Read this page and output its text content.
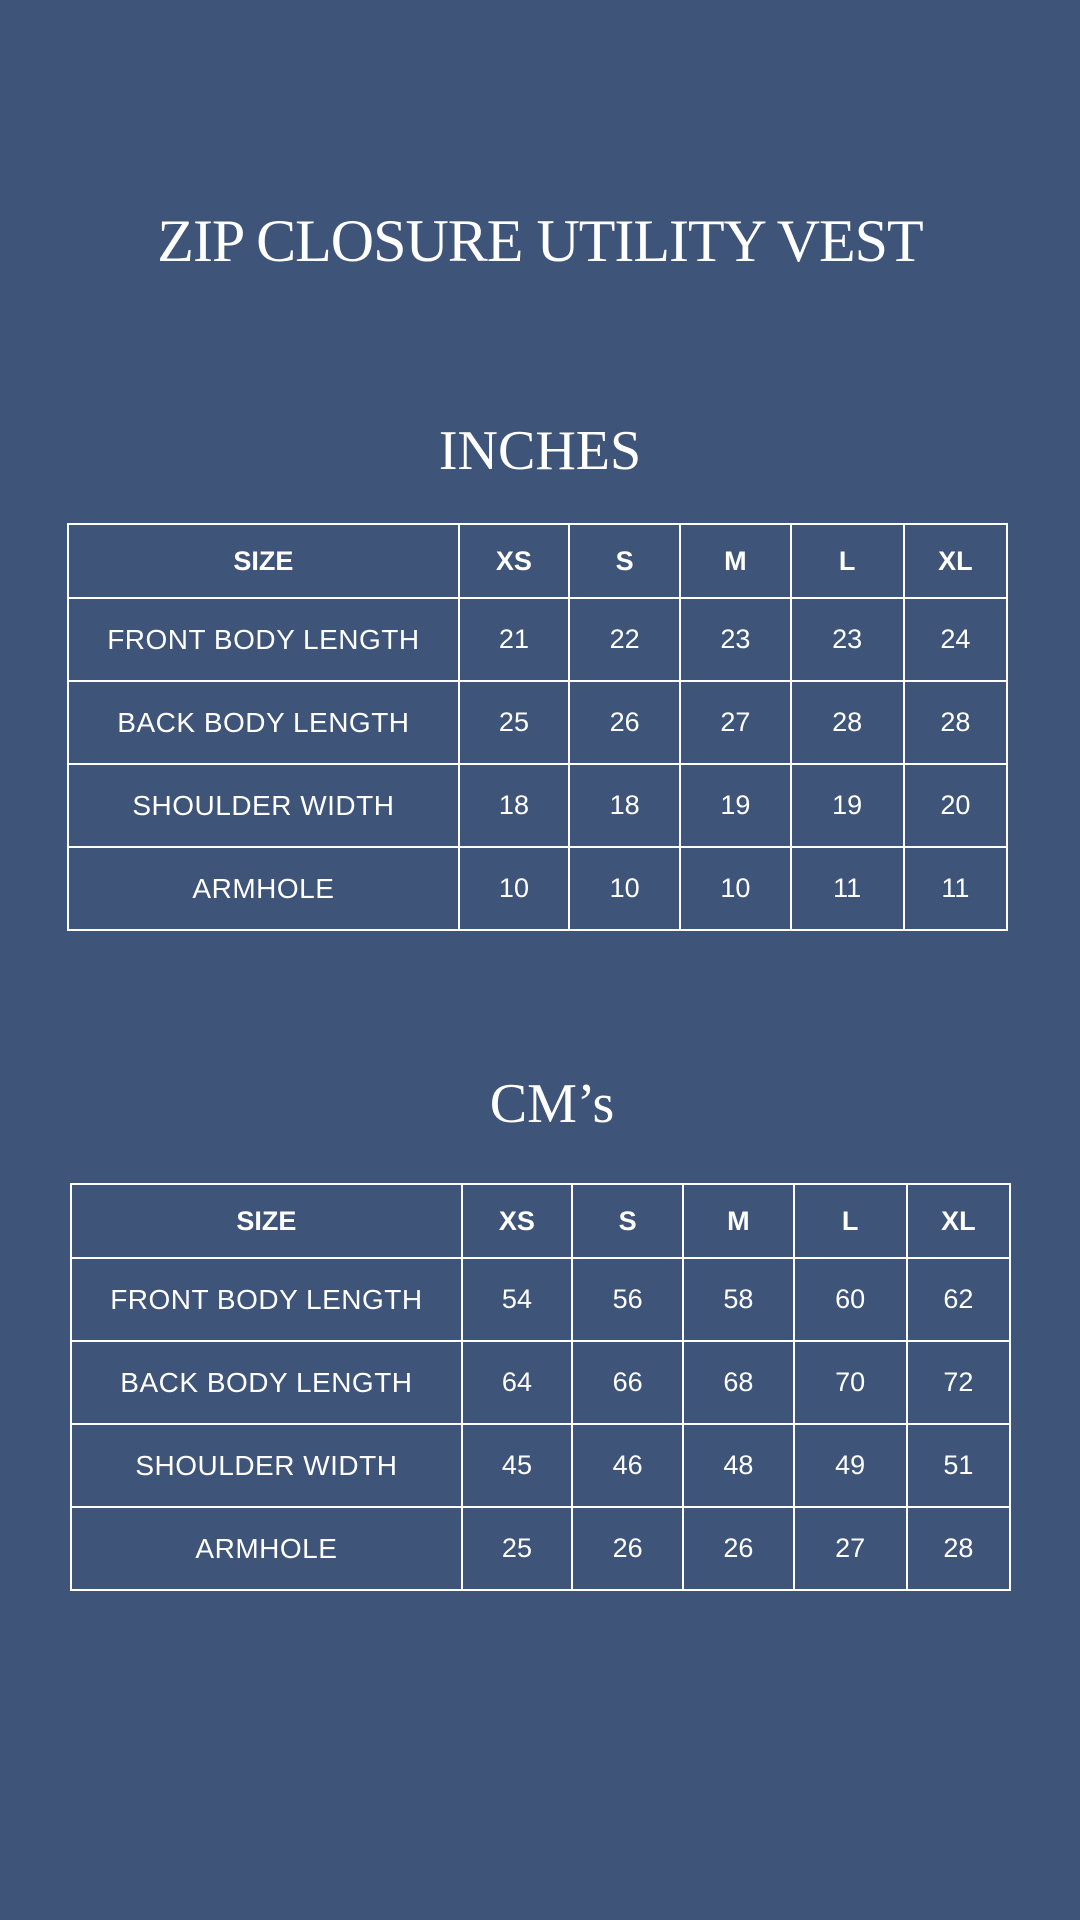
ZIP CLOSURE UTILITY VEST
INCHES
SIZE	XS	S	M	L	XL
FRONT BODY LENGTH	21	22	23	23	24
BACK BODY LENGTH	25	26	27	28	28
SHOULDER WIDTH	18	18	19	19	20
ARMHOLE	10	10	10	11	11
CM’s
SIZE	XS	S	M	L	XL
FRONT BODY LENGTH	54	56	58	60	62
BACK BODY LENGTH	64	66	68	70	72
SHOULDER WIDTH	45	46	48	49	51
ARMHOLE	25	26	26	27	28
